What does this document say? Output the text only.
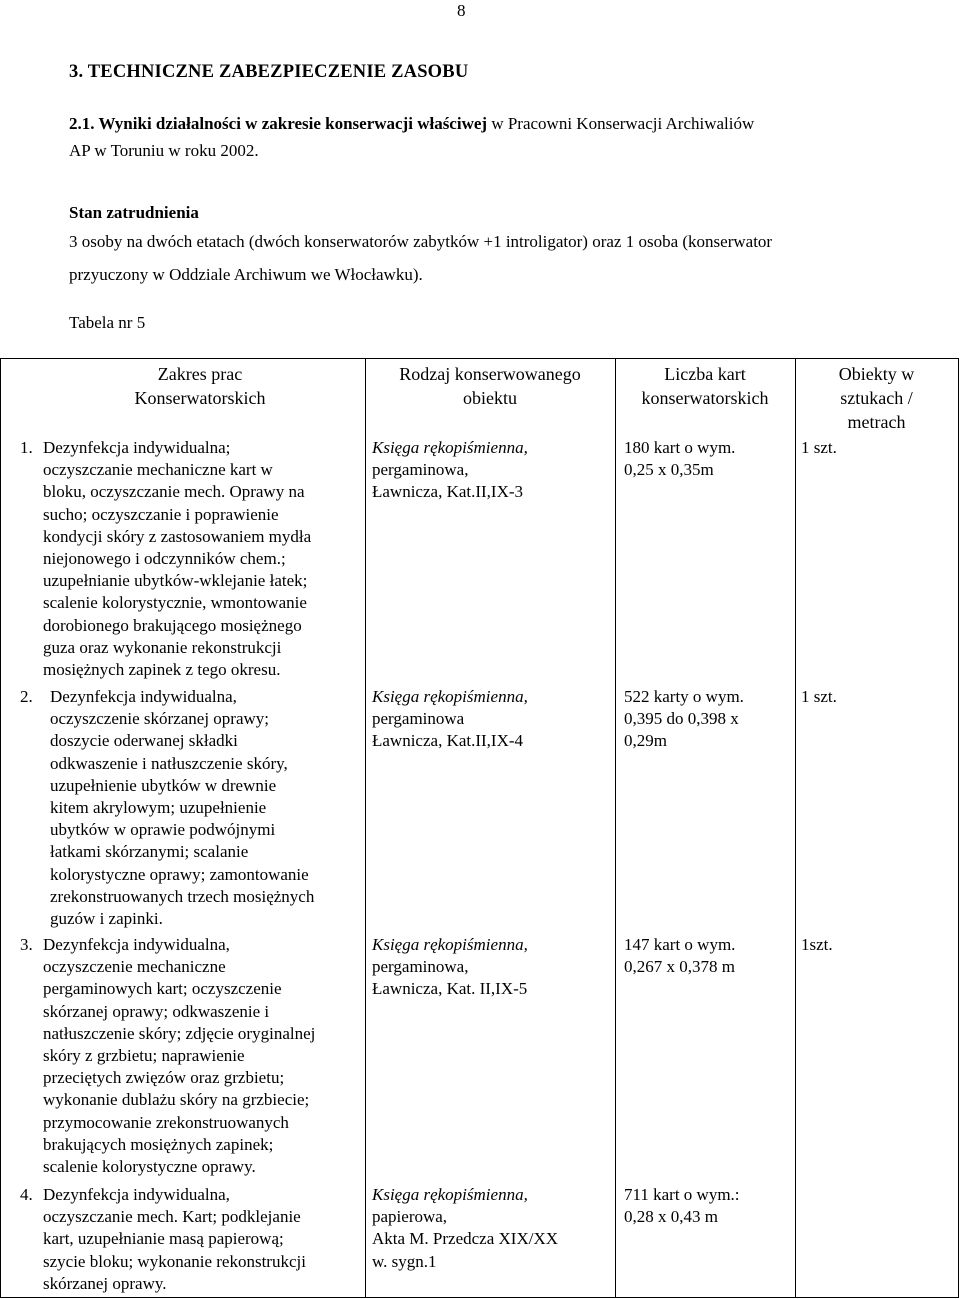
8
3. TECHNICZNE ZABEZPIECZENIE ZASOBU
2.1. Wyniki działalności w zakresie konserwacji właściwej w Pracowni Konserwacji Archiwaliów
AP w Toruniu w roku 2002.
Stan zatrudnienia
3 osoby na dwóch etatach (dwóch konserwatorów zabytków +1 introligator) oraz 1 osoba (konserwator
przyuczony w Oddziale Archiwum we Włocławku).
Tabela nr 5
Zakres prac
Konserwatorskich
Rodzaj konserwowanego
obiektu
Liczba kart
konserwatorskich
Obiekty w
sztukach /
metrach
1. Dezynfekcja indywidualna;
oczyszczanie mechaniczne kart w
bloku, oczyszczanie mech. Oprawy na
sucho; oczyszczanie i poprawienie
kondycji skóry z zastosowaniem mydła
niejonowego i odczynników chem.;
uzupełnianie ubytków-wklejanie łatek;
scalenie kolorystycznie, wmontowanie
dorobionego brakującego mosiężnego
guza oraz wykonanie rekonstrukcji
mosiężnych zapinek z tego okresu.
Księga rękopiśmienna,
pergaminowa,
Ławnicza, Kat.II,IX-3
180 kart o wym.
0,25 x 0,35m
1 szt.
2. Dezynfekcja indywidualna,
oczyszczenie skórzanej oprawy;
doszycie oderwanej składki
odkwaszenie i natłuszczenie skóry,
uzupełnienie ubytków w drewnie
kitem akrylowym; uzupełnienie
ubytków w oprawie podwójnymi
łatkami skórzanymi; scalanie
kolorystyczne oprawy; zamontowanie
zrekonstruowanych trzech mosiężnych
guzów i zapinki.
Księga rękopiśmienna,
pergaminowa
Ławnicza, Kat.II,IX-4
522 karty o wym.
0,395 do 0,398 x
0,29m
1 szt.
3. Dezynfekcja indywidualna,
oczyszczenie mechaniczne
pergaminowych kart; oczyszczenie
skórzanej oprawy; odkwaszenie i
natłuszczenie skóry; zdjęcie oryginalnej
skóry z grzbietu; naprawienie
przeciętych zwięzów oraz grzbietu;
wykonanie dublażu skóry na grzbiecie;
przymocowanie zrekonstruowanych
brakujących mosiężnych zapinek;
scalenie kolorystyczne oprawy.
Księga rękopiśmienna,
pergaminowa,
Ławnicza, Kat. II,IX-5
147 kart o wym.
0,267 x 0,378 m
1szt.
4. Dezynfekcja indywidualna,
oczyszczanie mech. Kart; podklejanie
kart, uzupełnianie masą papierową;
szycie bloku; wykonanie rekonstrukcji
skórzanej oprawy.
Księga rękopiśmienna,
papierowa,
Akta M. Przedcza XIX/XX
w. sygn.1
711 kart o wym.:
0,28 x 0,43 m
